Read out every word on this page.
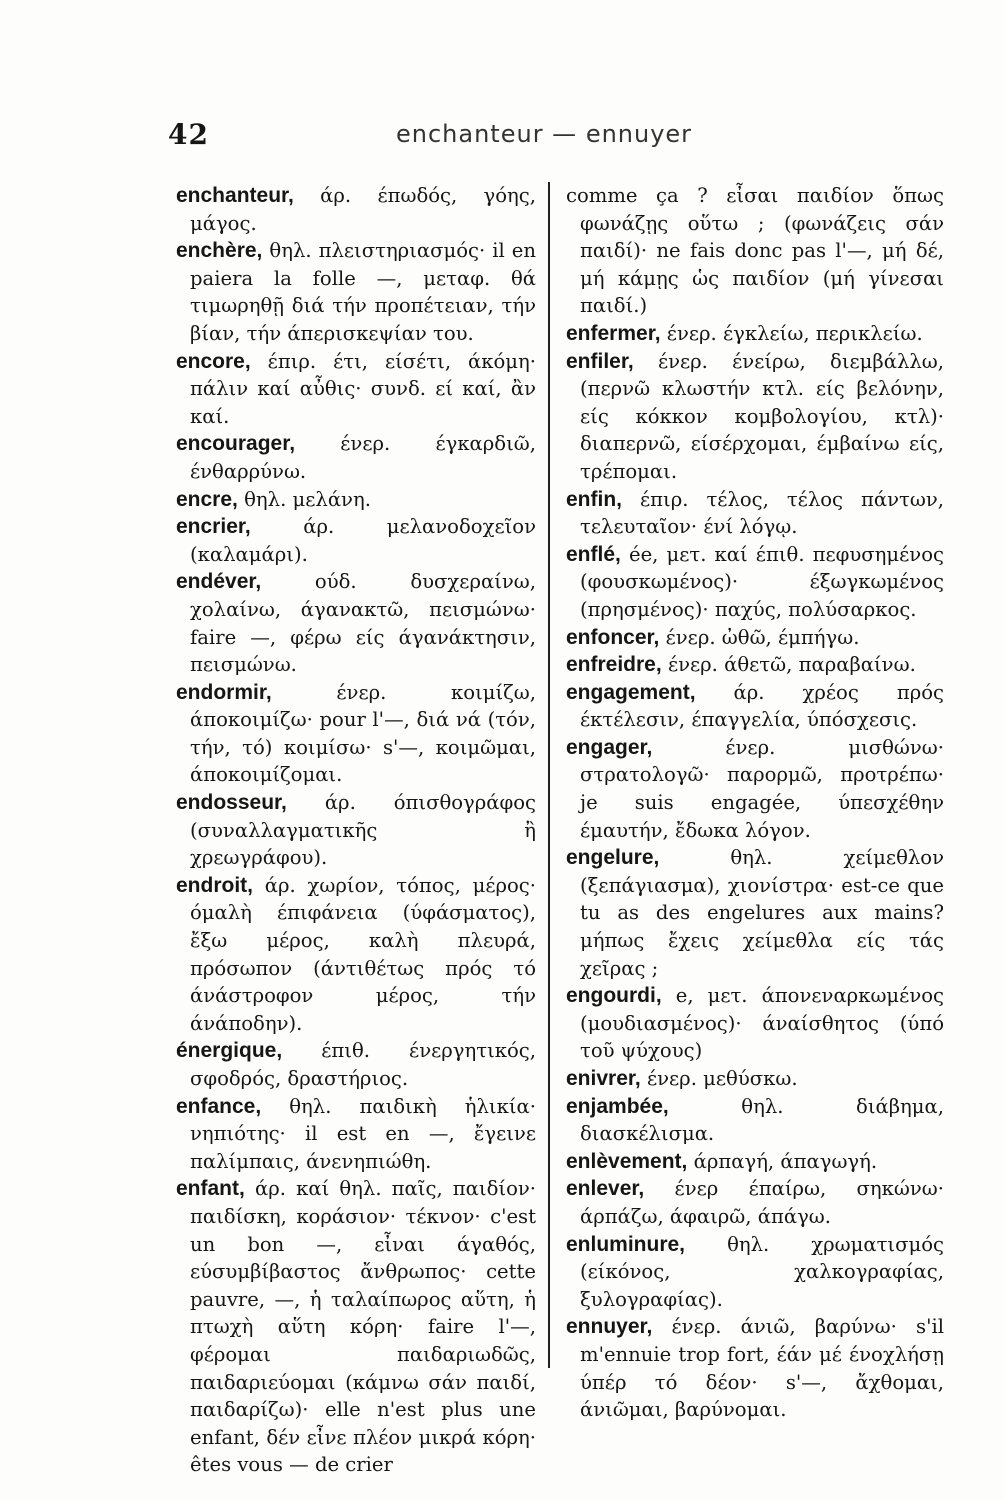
42	enchanteur — ennuyer

enchanteur, άρ. έπωδός, γόης, μάγος.

enchère, θηλ. πλειστηριασμός· il en paiera la folle —, μεταφ. θά τιμωρηθῇ διά τήν προπέτειαν, τήν βίαν, τήν άπερισκεψίαν του.

encore, έπιρ. έτι, είσέτι, άκόμη· πάλιν καί αὖθις· συνδ. εί καί, ἂν καί.

encourager, ένερ. έγκαρδιῶ, ένθαρρύνω.

encre, θηλ. μελάνη.

encrier,	άρ. μελανοδοχεῖον (καλαμάρι).

endéver,	ούδ. δυσχεραίνω, χολαίνω, άγανακτῶ, πεισμώνω· faire —, φέρω είς άγανάκτησιν, πεισμώνω.

endormir,	ένερ. κοιμίζω, άποκοιμίζω· pour l'—, διά νά (τόν, τήν, τό) κοιμίσω· s'—, κοιμῶμαι, άποκοιμίζομαι.

endosseur, άρ. όπισθογράφος (συναλλαγματικῆς ἢ χρεωγράφου).

endroit, άρ. χωρίον, τόπος, μέρος· όμαλὴ έπιφάνεια (ύφάσματος), ἔξω μέρος, καλὴ πλευρά, πρόσωπον (άντιθέτως πρός τό άνάστροφον μέρος, τήν άνάποδην).

énergique, έπιθ. ένεργητικός, σφοδρός, δραστήριος.

enfance, θηλ. παιδικὴ ἡλικία· νηπιότης· il est en —, ἔγεινε παλίμπαις, άνενηπιώθη.

enfant, άρ. καί θηλ. παῖς, παιδίον· παιδίσκη, κοράσιον· τέκνον· c'est un bon —, εἶναι άγαθός, εύσυμβίβαστος ἄνθρωπος· cette pauvre, —, ἡ ταλαίπωρος αὕτη, ἡ πτωχὴ αὕτη κόρη· faire l'—, φέρομαι παιδαριωδῶς, παιδαριεύομαι (κάμνω σάν παιδί, παιδαρίζω)· elle n'est plus une enfant, δέν εἶνε πλέον μικρά κόρη· êtes vous — de crier

comme ça ? εἶσαι παιδίον ὅπως φωνάζῃς οὕτω ; (φωνάζεις σάν παιδί)· ne fais donc pas l'—, μή δέ, μή κάμῃς ὡς παιδίον (μή γίνεσαι παιδί.)

enfermer, ένερ. έγκλείω, περικλείω.

enfiler, ένερ. ένείρω, διεμβάλλω, (περνῶ κλωστήν κτλ. είς βελόνην, είς κόκκον κομβολογίου, κτλ)· διαπερνῶ, είσέρχομαι, έμβαίνω είς, τρέπομαι.

enfin, έπιρ. τέλος, τέλος πάντων, τελευταῖον· ένί λόγῳ.

enflé, ée, μετ. καί έπιθ. πεφυσημένος (φουσκωμένος)· έξωγκωμένος (πρησμένος)· παχύς, πολύσαρκος.

enfoncer, ένερ. ὠθῶ, έμπήγω.

enfreidre, ένερ. άθετῶ, παραβαίνω.

engagement, άρ. χρέος πρός έκτέλεσιν, έπαγγελία, ύπόσχεσις.

engager,	ένερ. μισθώνω· στρατολογῶ· παρορμῶ, προτρέπω· je suis engagée, ύπεσχέθην έμαυτήν, ἔδωκα λόγον.

engelure,	θηλ. χείμεθλον (ξεπάγιασμα), χιονίστρα· est-ce que tu as des engelures aux mains? μήπως ἔχεις χείμεθλα είς τάς χεῖρας ;

engourdi, e, μετ. άπονεναρκωμένος (μουδιασμένος)· άναίσθητος (ύπό τοῦ ψύχους)

enivrer, ένερ. μεθύσκω.

enjambée,	θηλ. διάβημα, διασκέλισμα.

enlèvement, άρπαγή, άπαγωγή.

enlever, ένερ έπαίρω, σηκώνω· άρπάζω, άφαιρῶ, άπάγω.

enluminure, θηλ. χρωματισμός (είκόνος, χαλκογραφίας, ξυλογραφίας).

ennuyer, ένερ. άνιῶ, βαρύνω· s'il m'ennuie trop fort, έάν μέ ένοχλήσῃ ύπέρ τό δέον· s'—, ἄχθομαι, άνιῶμαι, βαρύνομαι.
